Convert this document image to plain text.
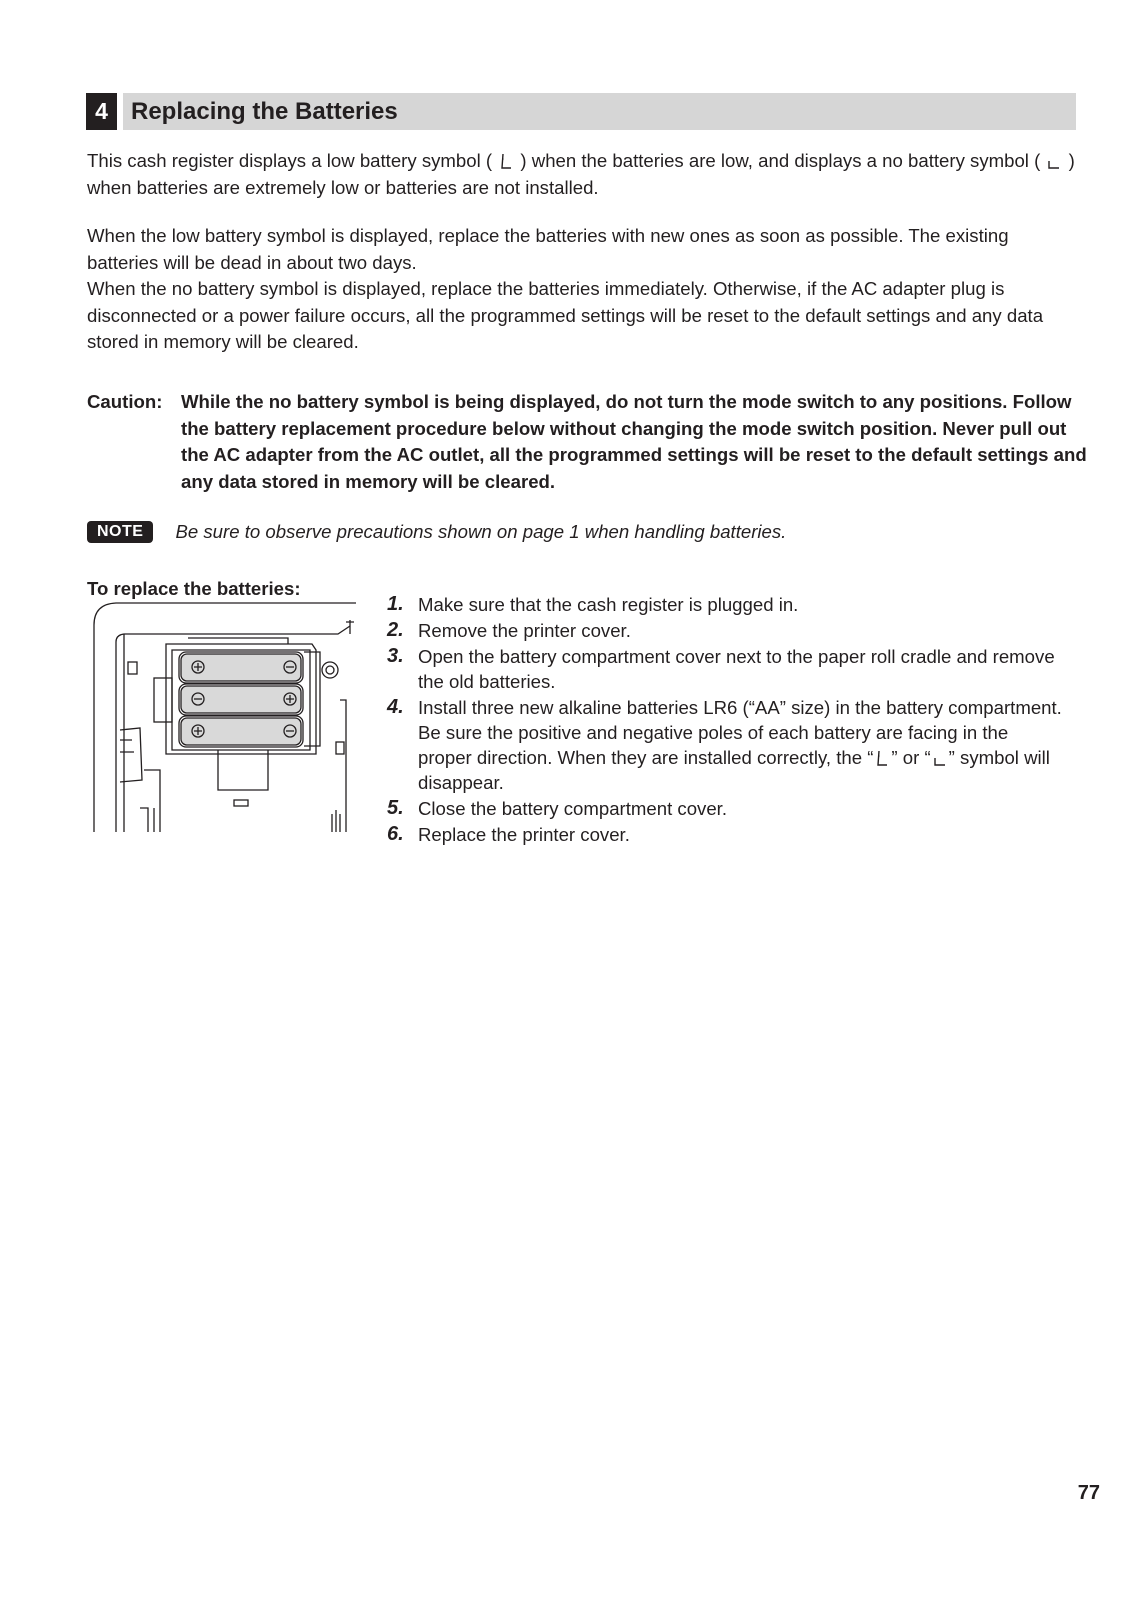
4 Replacing the Batteries
This cash register displays a low battery symbol ( ) when the batteries are low, and displays a no battery symbol ( ) when batteries are extremely low or batteries are not installed.
When the low battery symbol is displayed, replace the batteries with new ones as soon as possible. The existing batteries will be dead in about two days.
When the no battery symbol is displayed, replace the batteries immediately. Otherwise, if the AC adapter plug is disconnected or a power failure occurs, all the programmed settings will be reset to the default settings and any data stored in memory will be cleared.
Caution: While the no battery symbol is being displayed, do not turn the mode switch to any positions. Follow the battery replacement procedure below without changing the mode switch position. Never pull out the AC adapter from the AC outlet, all the programmed settings will be reset to the default settings and any data stored in memory will be cleared.
NOTE	Be sure to observe precautions shown on page 1 when handling batteries.
To replace the batteries:
1. Make sure that the cash register is plugged in.
2. Remove the printer cover.
3. Open the battery compartment cover next to the paper roll cradle and remove the old batteries.
4. Install three new alkaline batteries LR6 (“AA” size) in the battery compartment. Be sure the positive and negative poles of each battery are facing in the proper direction. When they are installed correctly, the “ ” or “ ” symbol will disappear.
5. Close the battery compartment cover.
6. Replace the printer cover.
77
